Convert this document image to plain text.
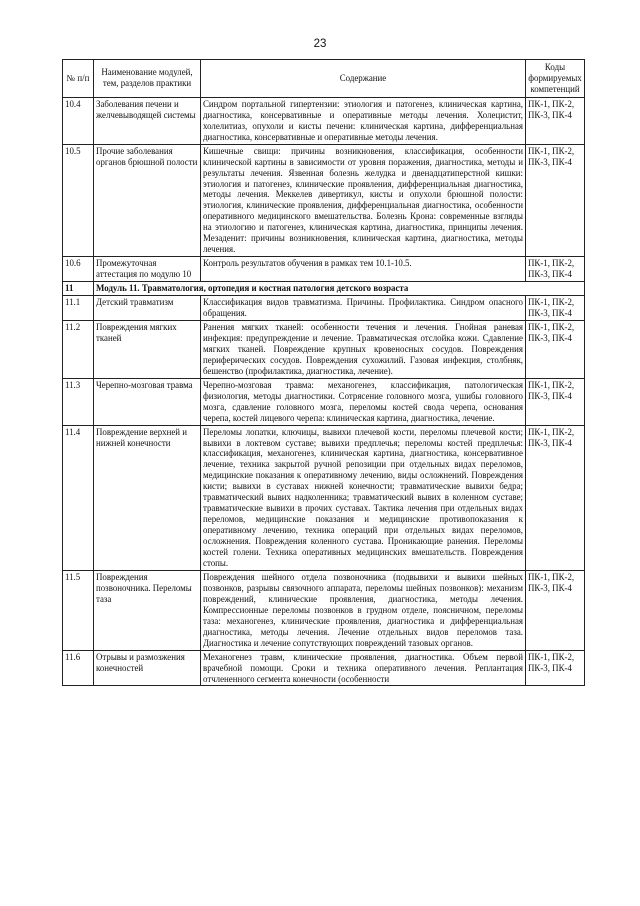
23
№ п/п	Наименование модулей, тем, разделов практики	Содержание	Коды формируемых компетенций
10.4	Заболевания печени и желчевыводящей системы	Синдром портальной гипертензии: этиология и патогенез, клиническая картина, диагностика, консервативные и оперативные методы лечения. Холецистит, холелитиаз, опухоли и кисты печени: клиническая картина, дифференциальная диагностика, консервативные и оперативные методы лечения.	ПК-1, ПК-2, ПК-3, ПК-4
10.5	Прочие заболевания органов брюшной полости	Кишечные свищи: причины возникновения, классификация, особенности клинической картины в зависимости от уровня поражения, диагностика, методы и результаты лечения. Язвенная болезнь желудка и двенадцатиперстной кишки: этиология и патогенез, клинические проявления, дифференциальная диагностика, методы лечения. Меккелев дивертикул, кисты и опухоли брюшной полости: этиология, клинические проявления, дифференциальная диагностика, особенности оперативного медицинского вмешательства. Болезнь Крона: современные взгляды на этиологию и патогенез, клиническая картина, диагностика, принципы лечения. Мезаденит: причины возникновения, клиническая картина, диагностика, методы лечения.	ПК-1, ПК-2, ПК-3, ПК-4
10.6	Промежуточная аттестация по модулю 10	Контроль результатов обучения в рамках тем 10.1-10.5.	ПК-1, ПК-2, ПК-3, ПК-4
11	Модуль 11. Травматология, ортопедия и костная патология детского возраста		
11.1	Детский травматизм	Классификация видов травматизма. Причины. Профилактика. Синдром опасного обращения.	ПК-1, ПК-2, ПК-3, ПК-4
11.2	Повреждения мягких тканей	Ранения мягких тканей: особенности течения и лечения. Гнойная раневая инфекция: предупреждение и лечение. Травматическая отслойка кожи. Сдавление мягких тканей. Повреждение крупных кровеносных сосудов. Повреждения периферических сосудов. Повреждения сухожилий. Газовая инфекция, столбняк, бешенство (профилактика, диагностика, лечение).	ПК-1, ПК-2, ПК-3, ПК-4
11.3	Черепно-мозговая травма	Черепно-мозговая травма: механогенез, классификация, патологическая физиология, методы диагностики. Сотрясение головного мозга, ушибы головного мозга, сдавление головного мозга, переломы костей свода черепа, основания черепа, костей лицевого черепа: клиническая картина, диагностика, лечение.	ПК-1, ПК-2, ПК-3, ПК-4
11.4	Повреждение верхней и нижней конечности	Переломы лопатки, ключицы, вывихи плечевой кости, переломы плечевой кости; вывихи в локтевом суставе; вывихи предплечья; переломы костей предплечья: классификация, механогенез, клиническая картина, диагностика, консервативное лечение, техника закрытой ручной репозиции при отдельных видах переломов, медицинские показания к оперативному лечению, виды осложнений. Повреждения кисти; вывихи в суставах нижней конечности; травматические вывихи бедра; травматический вывих надколенника; травматический вывих в коленном суставе; травматические вывихи в прочих суставах. Тактика лечения при отдельных видах переломов, медицинские показания и медицинские противопоказания к оперативному лечению, техника операций при отдельных видах переломов, осложнения. Повреждения коленного сустава. Проникающие ранения. Переломы костей голени. Техника оперативных медицинских вмешательств. Повреждения стопы.	ПК-1, ПК-2, ПК-3, ПК-4
11.5	Повреждения позвоночника. Переломы таза	Повреждения шейного отдела позвоночника (подвывихи и вывихи шейных позвонков, разрывы связочного аппарата, переломы шейных позвонков): механизм повреждений, клинические проявления, диагностика, методы лечения. Компрессионные переломы позвонков в грудном отделе, поясничном, переломы таза: механогенез, клинические проявления, диагностика и дифференциальная диагностика, методы лечения. Лечение отдельных видов переломов таза. Диагностика и лечение сопутствующих повреждений тазовых органов.	ПК-1, ПК-2, ПК-3, ПК-4
11.6	Отрывы и размозжения конечностей	Механогенез травм, клинические проявления, диагностика. Объем первой врачебной помощи. Сроки и техника оперативного лечения. Реплантация отчлененного сегмента конечности (особенности	ПК-1, ПК-2, ПК-3, ПК-4
